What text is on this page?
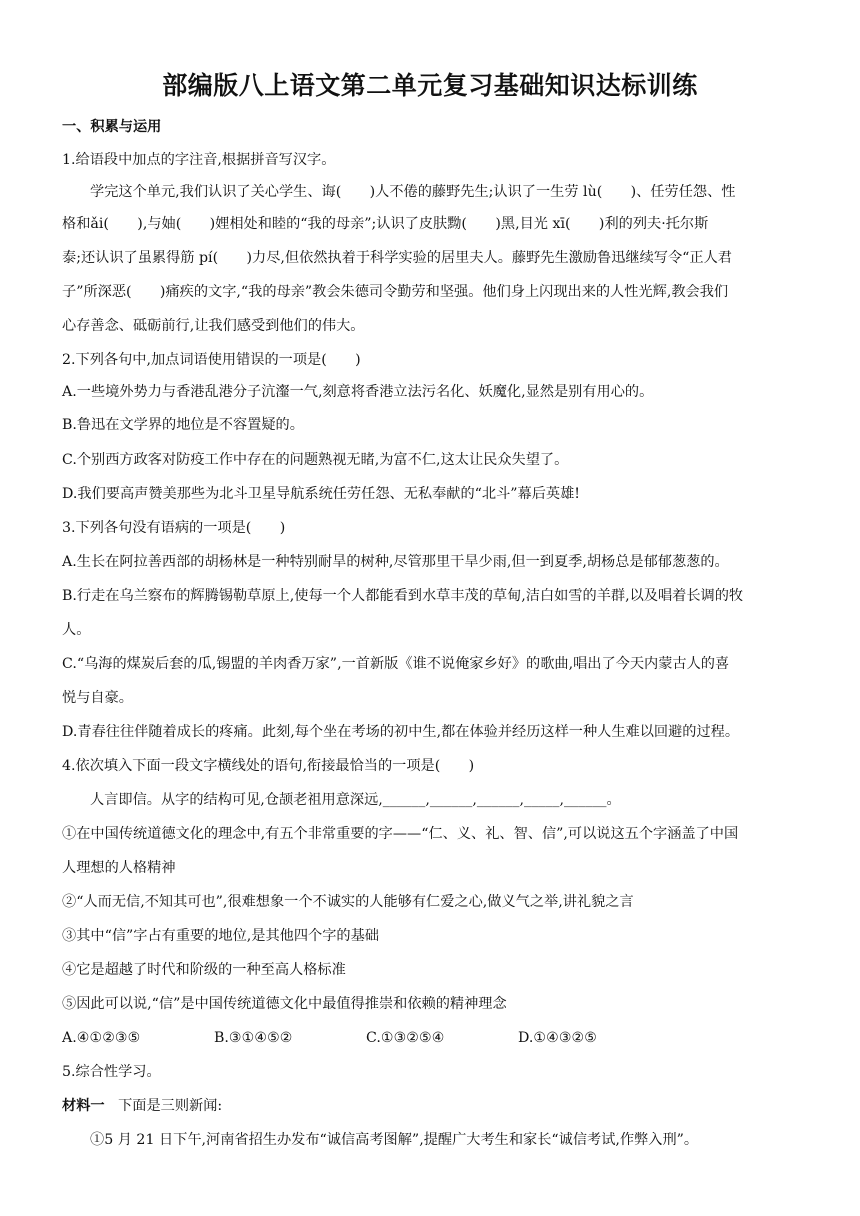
部编版八上语文第二单元复习基础知识达标训练
一、积累与运用
1.给语段中加点的字注音,根据拼音写汉字。
学完这个单元,我们认识了关心学生、诲(　　)人不倦的藤野先生;认识了一生劳 lù(　　)、任劳任怨、性
格和ǎi(　　),与妯(　　)娌相处和睦的“我的母亲”;认识了皮肤黝(　　)黑,目光 xī(　　)利的列夫·托尔斯
泰;还认识了虽累得筋 pí(　　)力尽,但依然执着于科学实验的居里夫人。藤野先生激励鲁迅继续写令“正人君
子”所深恶(　　)痛疾的文字,“我的母亲”教会朱德司令勤劳和坚强。他们身上闪现出来的人性光辉,教会我们
心存善念、砥砺前行,让我们感受到他们的伟大。
2.下列各句中,加点词语使用错误的一项是(　　)
A.一些境外势力与香港乱港分子沆瀣一气,刻意将香港立法污名化、妖魔化,显然是别有用心的。
B.鲁迅在文学界的地位是不容置疑的。
C.个别西方政客对防疫工作中存在的问题熟视无睹,为富不仁,这太让民众失望了。
D.我们要高声赞美那些为北斗卫星导航系统任劳任怨、无私奉献的“北斗”幕后英雄!
3.下列各句没有语病的一项是(　　)
A.生长在阿拉善西部的胡杨林是一种特别耐旱的树种,尽管那里干旱少雨,但一到夏季,胡杨总是郁郁葱葱的。
B.行走在乌兰察布的辉腾锡勒草原上,使每一个人都能看到水草丰茂的草甸,洁白如雪的羊群,以及唱着长调的牧
人。
C.“乌海的煤炭后套的瓜,锡盟的羊肉香万家”,一首新版《谁不说俺家乡好》的歌曲,唱出了今天内蒙古人的喜
悦与自豪。
D.青春往往伴随着成长的疼痛。此刻,每个坐在考场的初中生,都在体验并经历这样一种人生难以回避的过程。
4.依次填入下面一段文字横线处的语句,衔接最恰当的一项是(　　)
人言即信。从字的结构可见,仓颉老祖用意深远,______,______,______,_____,______。
①在中国传统道德文化的理念中,有五个非常重要的字——“仁、义、礼、智、信”,可以说这五个字涵盖了中国
人理想的人格精神
②“人而无信,不知其可也”,很难想象一个不诚实的人能够有仁爱之心,做义气之举,讲礼貌之言
③其中“信”字占有重要的地位,是其他四个字的基础
④它是超越了时代和阶级的一种至高人格标准
⑤因此可以说,“信”是中国传统道德文化中最值得推崇和依赖的精神理念
A.④①②③⑤	B.③①④⑤②	C.①③②⑤④	D.①④③②⑤
5.综合性学习。
材料一 下面是三则新闻:
①5 月 21 日下午,河南省招生办发布“诚信高考图解”,提醒广大考生和家长“诚信考试,作弊入刑”。
